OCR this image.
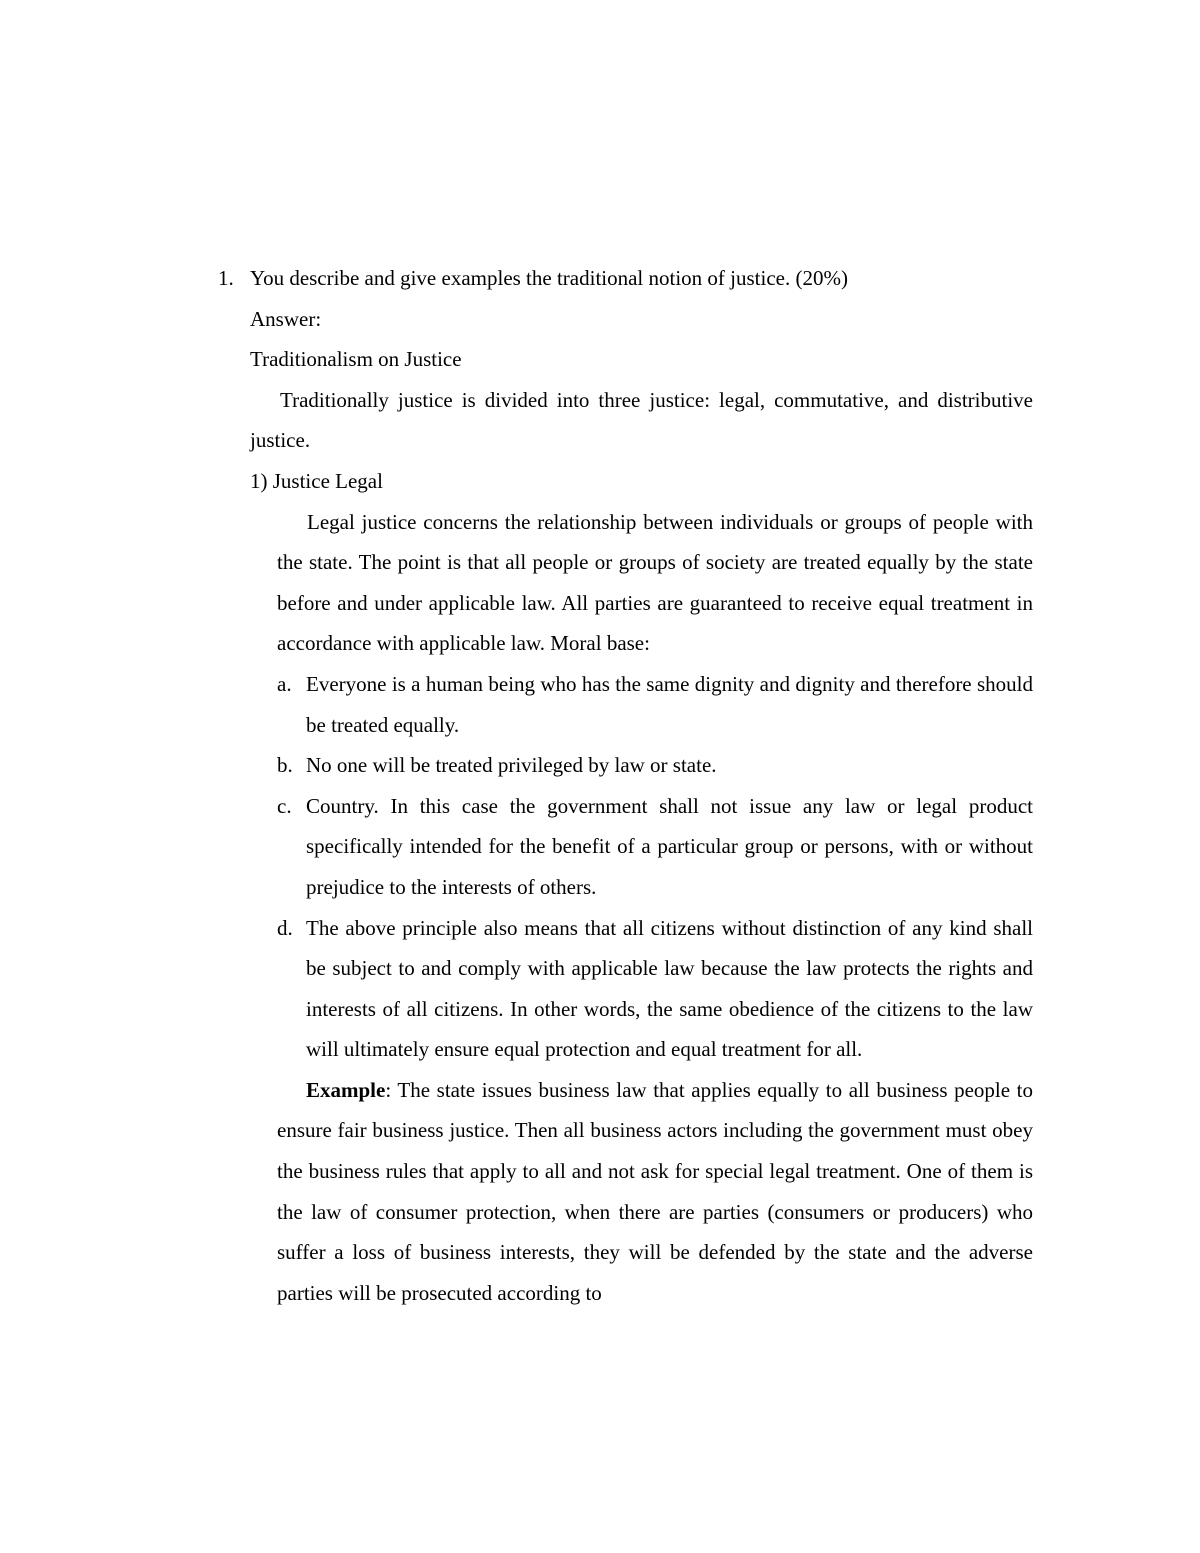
1. You describe and give examples the traditional notion of justice. (20%)

Answer:

Traditionalism on Justice

Traditionally justice is divided into three justice: legal, commutative, and distributive justice.

1) Justice Legal

Legal justice concerns the relationship between individuals or groups of people with the state. The point is that all people or groups of society are treated equally by the state before and under applicable law. All parties are guaranteed to receive equal treatment in accordance with applicable law. Moral base:

a. Everyone is a human being who has the same dignity and dignity and therefore should be treated equally.
b. No one will be treated privileged by law or state.
c. Country. In this case the government shall not issue any law or legal product specifically intended for the benefit of a particular group or persons, with or without prejudice to the interests of others.
d. The above principle also means that all citizens without distinction of any kind shall be subject to and comply with applicable law because the law protects the rights and interests of all citizens. In other words, the same obedience of the citizens to the law will ultimately ensure equal protection and equal treatment for all.

Example: The state issues business law that applies equally to all business people to ensure fair business justice. Then all business actors including the government must obey the business rules that apply to all and not ask for special legal treatment. One of them is the law of consumer protection, when there are parties (consumers or producers) who suffer a loss of business interests, they will be defended by the state and the adverse parties will be prosecuted according to
